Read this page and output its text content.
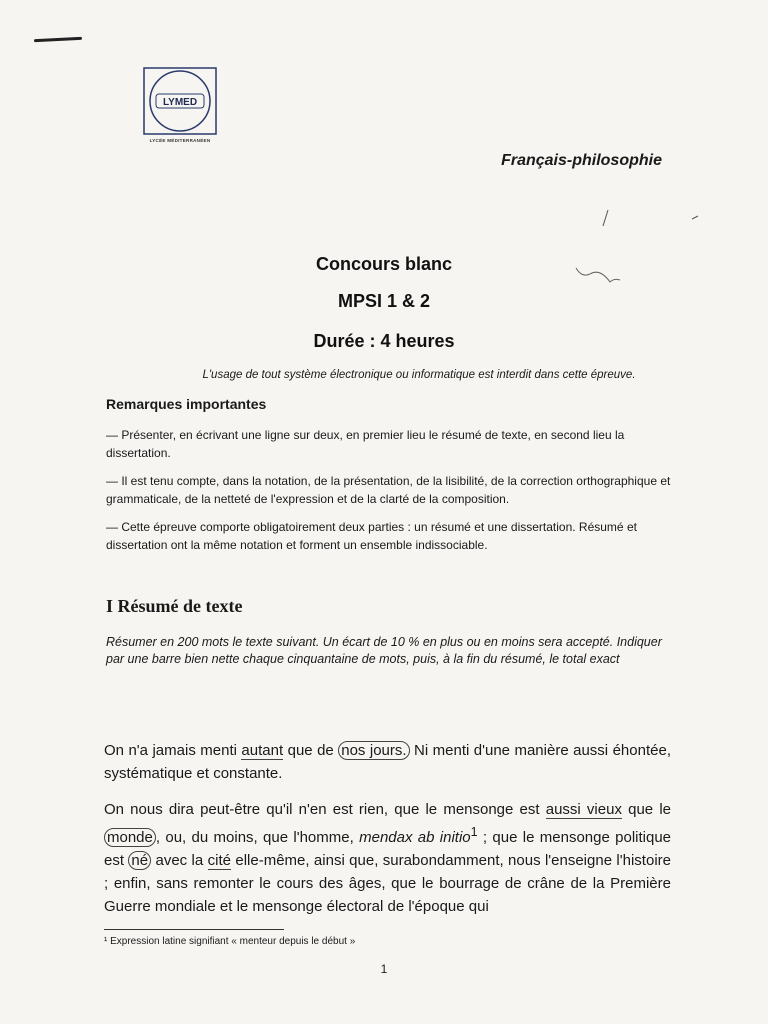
LYMED
LYCÉE MÉDITERRANÉEN
Français-philosophie
Concours blanc
MPSI 1 & 2
Durée : 4 heures
L'usage de tout système électronique ou informatique est interdit dans cette épreuve.
Remarques importantes
— Présenter, en écrivant une ligne sur deux, en premier lieu le résumé de texte, en second lieu la dissertation.
— Il est tenu compte, dans la notation, de la présentation, de la lisibilité, de la correction orthographique et grammaticale, de la netteté de l'expression et de la clarté de la composition.
— Cette épreuve comporte obligatoirement deux parties : un résumé et une dissertation. Résumé et dissertation ont la même notation et forment un ensemble indissociable.
I Résumé de texte
Résumer en 200 mots le texte suivant. Un écart de 10 % en plus ou en moins sera accepté. Indiquer par une barre bien nette chaque cinquantaine de mots, puis, à la fin du résumé, le total exact
On n'a jamais menti autant que de nos jours. Ni menti d'une manière aussi éhontée, systématique et constante.
On nous dira peut-être qu'il n'en est rien, que le mensonge est aussi vieux que le monde , ou, du moins, que l'homme, mendax ab initio$^1$ ; que le mensonge politique est né avec la cité elle-même, ainsi que, surabondamment, nous l'enseigne l'histoire ; enfin, sans remonter le cours des âges, que le bourrage de crâne de la Première Guerre mondiale et le mensonge électoral de l'époque qui
¹ Expression latine signifiant « menteur depuis le début »
1
